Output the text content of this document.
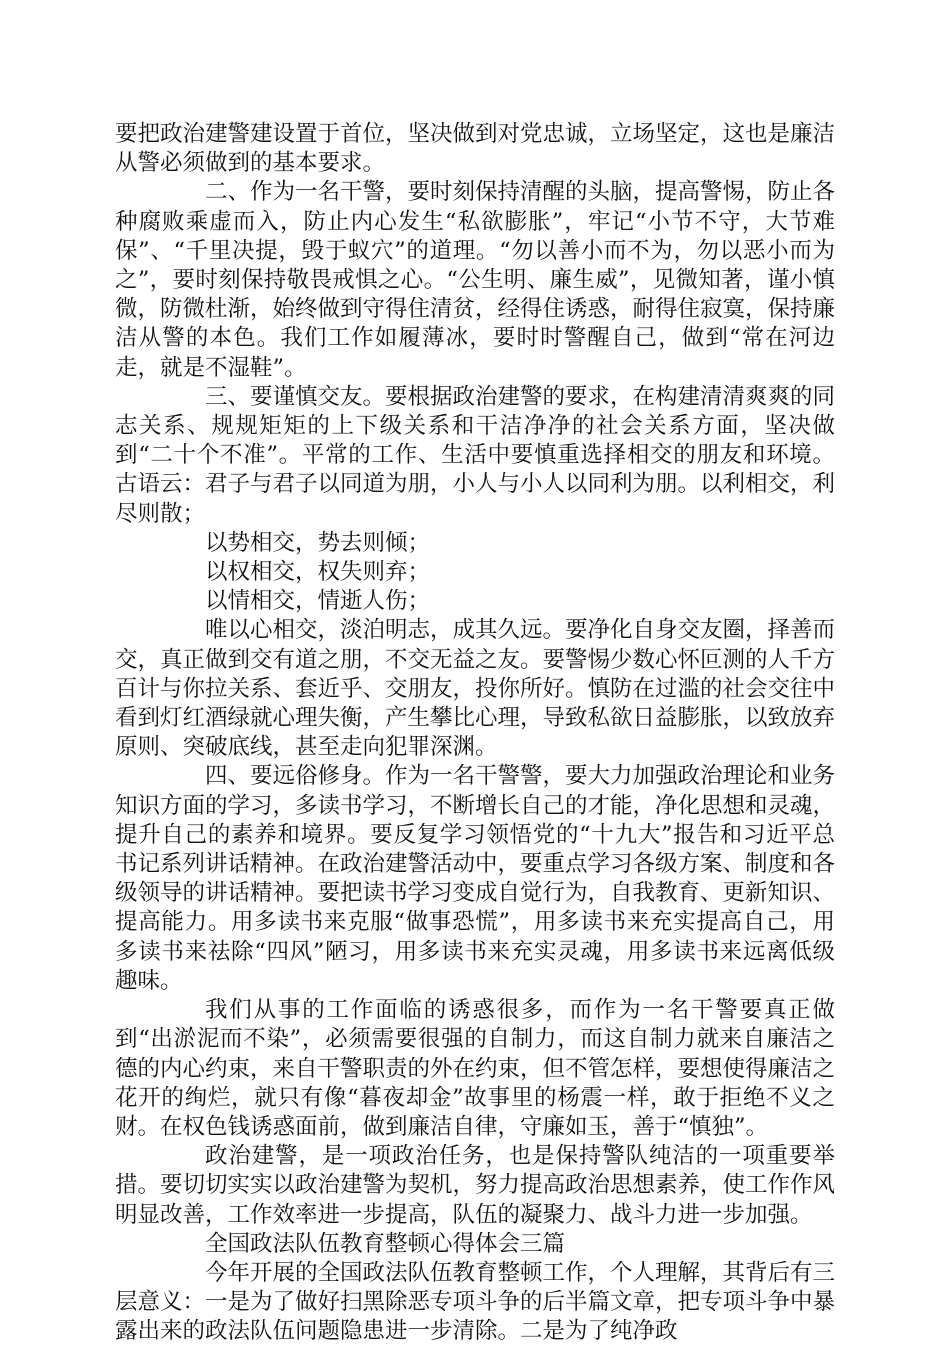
要把政治建警建设置于首位，坚决做到对党忠诚，立场坚定，这也是廉洁从警必须做到的基本要求。

二、作为一名干警，要时刻保持清醒的头脑，提高警惕，防止各种腐败乘虚而入，防止内心发生“私欲膨胀”，牢记“小节不守，大节难保”、“千里决提，毁于蚁穴”的道理。“勿以善小而不为，勿以恶小而为之”，要时刻保持敬畏戒惧之心。“公生明、廉生威”，见微知著，谨小慎微，防微杜渐，始终做到守得住清贫，经得住诱惑，耐得住寂寞，保持廉洁从警的本色。我们工作如履薄冰，要时时警醒自己，做到“常在河边走，就是不湿鞋”。

三、要谨慎交友。要根据政治建警的要求，在构建清清爽爽的同志关系、规规矩矩的上下级关系和干洁净净的社会关系方面，坚决做到“二十个不准”。平常的工作、生活中要慎重选择相交的朋友和环境。古语云：君子与君子以同道为朋，小人与小人以同利为朋。以利相交，利尽则散；

以势相交，势去则倾；

以权相交，权失则弃；

以情相交，情逝人伤；

唯以心相交，淡泊明志，成其久远。要净化自身交友圈，择善而交，真正做到交有道之朋，不交无益之友。要警惕少数心怀叵测的人千方百计与你拉关系、套近乎、交朋友，投你所好。慎防在过滥的社会交往中看到灯红酒绿就心理失衡，产生攀比心理，导致私欲日益膨胀，以致放弃原则、突破底线，甚至走向犯罪深渊。

四、要远俗修身。作为一名干警警，要大力加强政治理论和业务知识方面的学习，多读书学习，不断增长自己的才能，净化思想和灵魂，提升自己的素养和境界。要反复学习领悟党的“十九大”报告和习近平总书记系列讲话精神。在政治建警活动中，要重点学习各级方案、制度和各级领导的讲话精神。要把读书学习变成自觉行为，自我教育、更新知识、提高能力。用多读书来克服“做事恐慌”，用多读书来充实提高自己，用多读书来祛除“四风”陋习，用多读书来充实灵魂，用多读书来远离低级趣味。

我们从事的工作面临的诱惑很多，而作为一名干警要真正做到“出淤泥而不染”，必须需要很强的自制力，而这自制力就来自廉洁之德的内心约束，来自干警职责的外在约束，但不管怎样，要想使得廉洁之花开的绚烂，就只有像“暮夜却金”故事里的杨震一样，敢于拒绝不义之财。在权色钱诱惑面前，做到廉洁自律，守廉如玉，善于“慎独”。

政治建警，是一项政治任务，也是保持警队纯洁的一项重要举措。要切切实实以政治建警为契机，努力提高政治思想素养，使工作作风明显改善，工作效率进一步提高，队伍的凝聚力、战斗力进一步加强。

全国政法队伍教育整顿心得体会三篇

今年开展的全国政法队伍教育整顿工作，个人理解，其背后有三层意义：一是为了做好扫黑除恶专项斗争的后半篇文章，把专项斗争中暴露出来的政法队伍问题隐患进一步清除。二是为了纯净政
